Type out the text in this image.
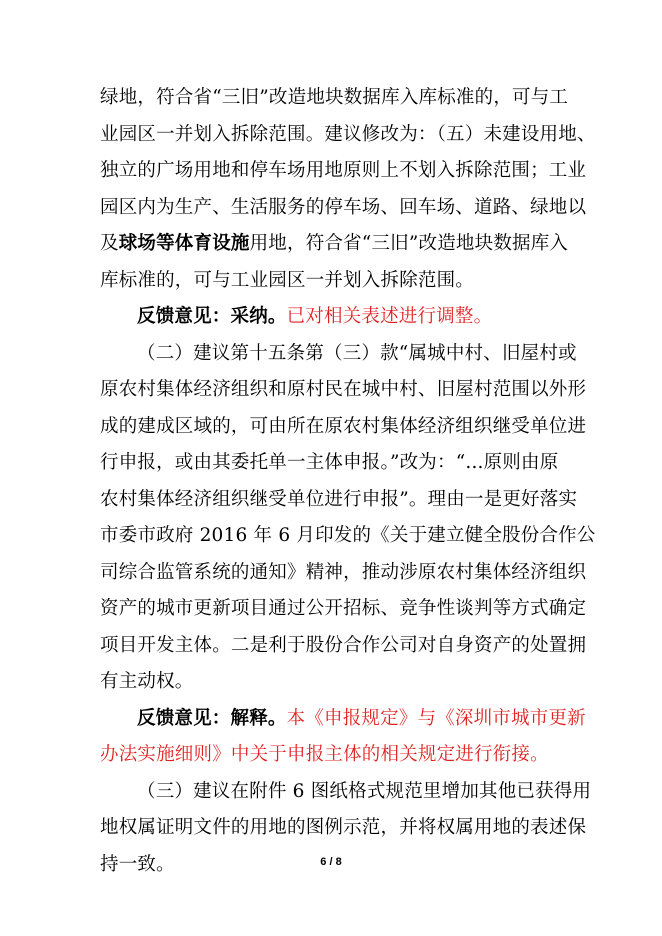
绿地，符合省“三旧”改造地块数据库入库标准的，可与工
业园区一并划入拆除范围。建议修改为：（五）未建设用地、
独立的广场用地和停车场用地原则上不划入拆除范围；工业
园区内为生产、生活服务的停车场、回车场、道路、绿地以
及球场等体育设施用地，符合省“三旧”改造地块数据库入
库标准的，可与工业园区一并划入拆除范围。
反馈意见：采纳。已对相关表述进行调整。
（二）建议第十五条第（三）款“属城中村、旧屋村或
原农村集体经济组织和原村民在城中村、旧屋村范围以外形
成的建成区域的，可由所在原农村集体经济组织继受单位进
行申报，或由其委托单一主体申报。”改为：“...原则由原
农村集体经济组织继受单位进行申报”。理由一是更好落实
市委市政府 2016 年 6 月印发的《关于建立健全股份合作公
司综合监管系统的通知》精神，推动涉原农村集体经济组织
资产的城市更新项目通过公开招标、竞争性谈判等方式确定
项目开发主体。二是利于股份合作公司对自身资产的处置拥
有主动权。
反馈意见：解释。本《申报规定》与《深圳市城市更新
办法实施细则》中关于申报主体的相关规定进行衔接。
（三）建议在附件 6 图纸格式规范里增加其他已获得用
地权属证明文件的用地的图例示范，并将权属用地的表述保
持一致。	6 / 8
